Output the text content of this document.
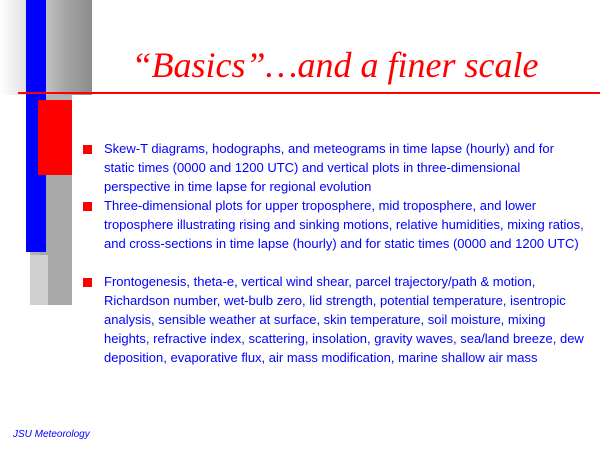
“Basics”…and a finer scale
Skew-T diagrams, hodographs, and meteograms in time lapse (hourly) and for static times (0000 and 1200 UTC) and vertical plots in three-dimensional perspective in time lapse for regional evolution
Three-dimensional plots for upper troposphere, mid troposphere, and lower troposphere illustrating rising and sinking motions, relative humidities, mixing ratios, and cross-sections in time lapse (hourly) and for static times (0000 and 1200 UTC)
Frontogenesis, theta-e, vertical wind shear, parcel trajectory/path & motion, Richardson number, wet-bulb zero, lid strength, potential temperature, isentropic analysis, sensible weather at surface, skin temperature, soil moisture, mixing heights, refractive index, scattering, insolation, gravity waves, sea/land breeze, dew deposition, evaporative flux, air mass modification, marine shallow air mass
JSU Meteorology
